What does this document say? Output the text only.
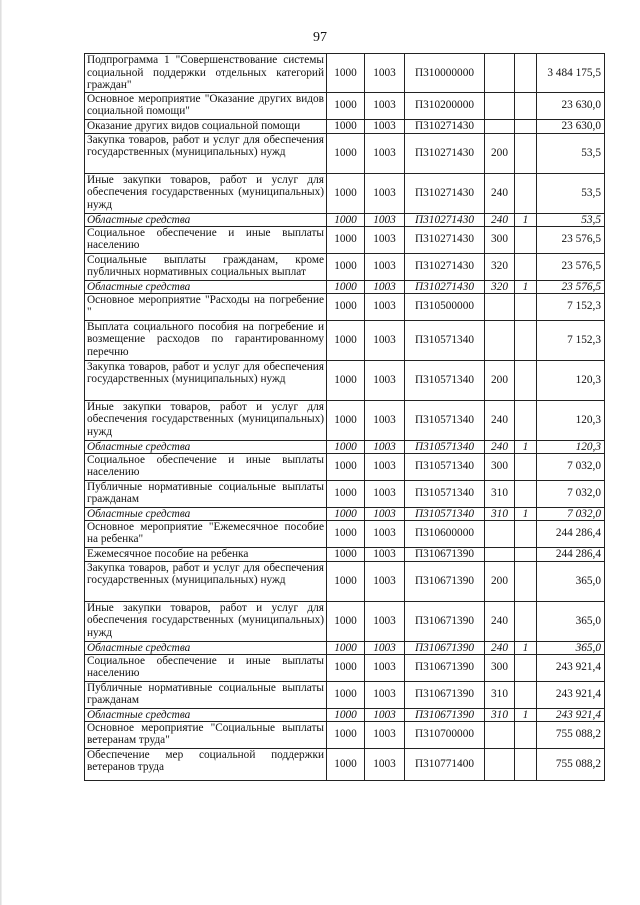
97
Подпрограмма 1 "Совершенствование системы социальной поддержки отдельных категорий граждан"	1000	1003	П310000000			3 484 175,5
Основное мероприятие "Оказание других видов социальной помощи"	1000	1003	П310200000			23 630,0
Оказание других видов социальной помощи	1000	1003	П310271430			23 630,0
Закупка товаров, работ и услуг для обеспечения государственных (муниципальных) нужд	1000	1003	П310271430	200		53,5
Иные закупки товаров, работ и услуг для обеспечения государственных (муниципальных) нужд	1000	1003	П310271430	240		53,5
Областные средства	1000	1003	П310271430	240	1	53,5
Социальное обеспечение и иные выплаты населению	1000	1003	П310271430	300		23 576,5
Социальные выплаты гражданам, кроме публичных нормативных социальных выплат	1000	1003	П310271430	320		23 576,5
Областные средства	1000	1003	П310271430	320	1	23 576,5
Основное мероприятие "Расходы на погребение "	1000	1003	П310500000			7 152,3
Выплата социального пособия на погребение и возмещение расходов по гарантированному перечню	1000	1003	П310571340			7 152,3
Закупка товаров, работ и услуг для обеспечения государственных (муниципальных) нужд	1000	1003	П310571340	200		120,3
Иные закупки товаров, работ и услуг для обеспечения государственных (муниципальных) нужд	1000	1003	П310571340	240		120,3
Областные средства	1000	1003	П310571340	240	1	120,3
Социальное обеспечение и иные выплаты населению	1000	1003	П310571340	300		7 032,0
Публичные нормативные социальные выплаты гражданам	1000	1003	П310571340	310		7 032,0
Областные средства	1000	1003	П310571340	310	1	7 032,0
Основное мероприятие "Ежемесячное пособие на ребенка"	1000	1003	П310600000			244 286,4
Ежемесячное пособие на ребенка	1000	1003	П310671390			244 286,4
Закупка товаров, работ и услуг для обеспечения государственных (муниципальных) нужд	1000	1003	П310671390	200		365,0
Иные закупки товаров, работ и услуг для обеспечения государственных (муниципальных) нужд	1000	1003	П310671390	240		365,0
Областные средства	1000	1003	П310671390	240	1	365,0
Социальное обеспечение и иные выплаты населению	1000	1003	П310671390	300		243 921,4
Публичные нормативные социальные выплаты гражданам	1000	1003	П310671390	310		243 921,4
Областные средства	1000	1003	П310671390	310	1	243 921,4
Основное мероприятие "Социальные выплаты ветеранам труда"	1000	1003	П310700000			755 088,2
Обеспечение мер социальной поддержки ветеранов труда	1000	1003	П310771400			755 088,2
